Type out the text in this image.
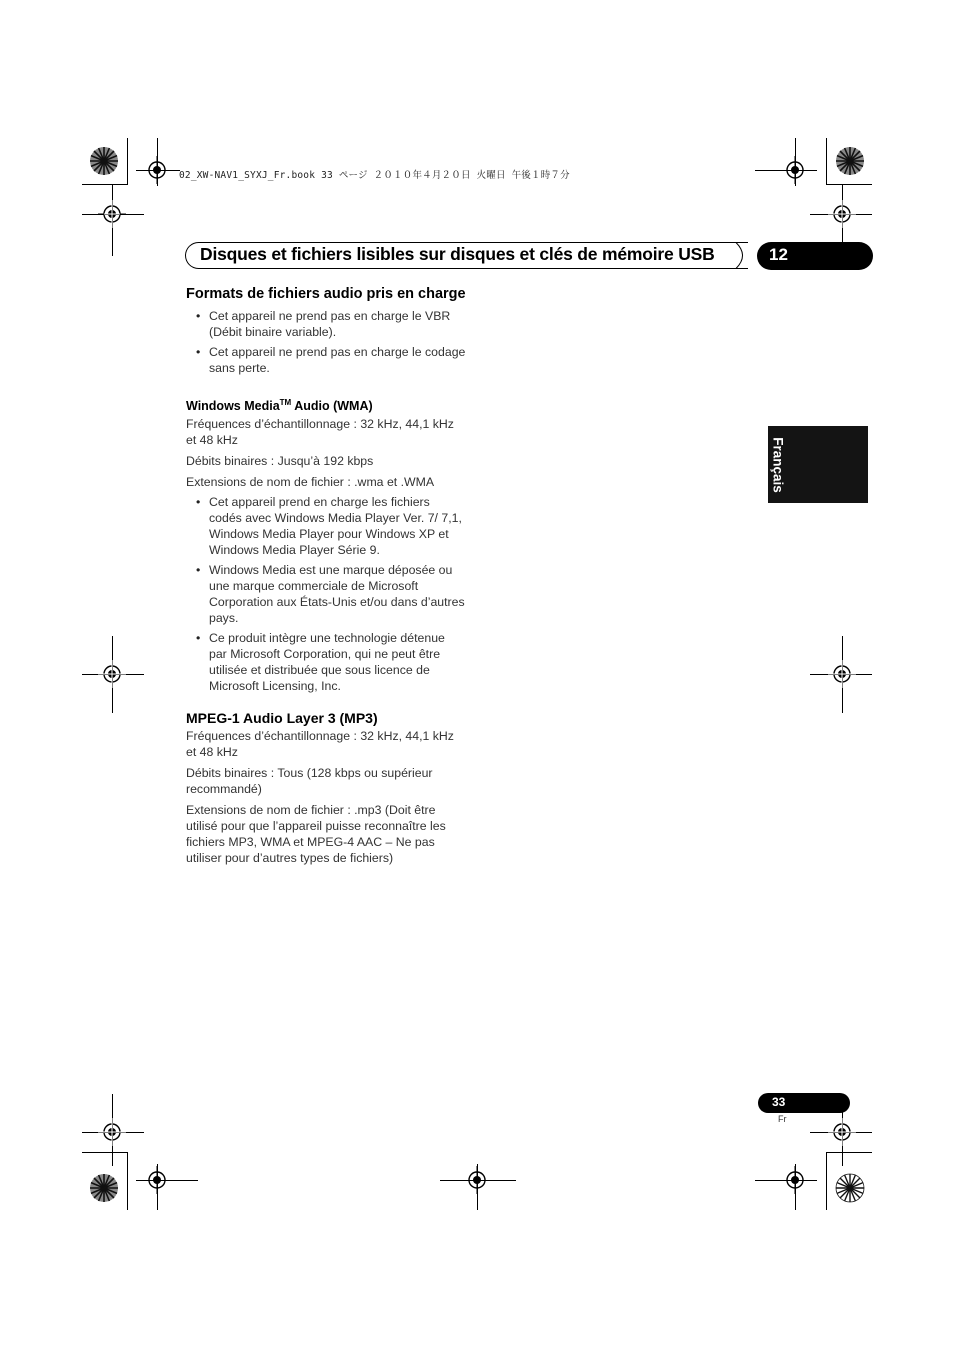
02_XW-NAV1_SYXJ_Fr.book 33 ページ ２０１０年４月２０日 火曜日 午後１時７分
Disques et fichiers lisibles sur disques et clés de mémoire USB	12
Français
Formats de fichiers audio pris en charge
• Cet appareil ne prend pas en charge le VBR (Débit binaire variable).
• Cet appareil ne prend pas en charge le codage sans perte.
Windows Media™ Audio (WMA)

Fréquences d’échantillonnage : 32 kHz, 44,1 kHz et 48 kHz

Débits binaires : Jusqu’à 192 kbps

Extensions de nom de fichier : .wma et .WMA

• Cet appareil prend en charge les fichiers codés avec Windows Media Player Ver. 7/ 7,1, Windows Media Player pour Windows XP et Windows Media Player Série 9.
• Windows Media est une marque déposée ou une marque commerciale de Microsoft Corporation aux États-Unis et/ou dans d’autres pays.
• Ce produit intègre une technologie détenue par Microsoft Corporation, qui ne peut être utilisée et distribuée que sous licence de Microsoft Licensing, Inc.
MPEG-1 Audio Layer 3 (MP3)

Fréquences d’échantillonnage : 32 kHz, 44,1 kHz et 48 kHz

Débits binaires : Tous (128 kbps ou supérieur recommandé)

Extensions de nom de fichier : .mp3 (Doit être utilisé pour que l’appareil puisse reconnaître les fichiers MP3, WMA et MPEG-4 AAC – Ne pas utiliser pour d’autres types de fichiers)

33
Fr
